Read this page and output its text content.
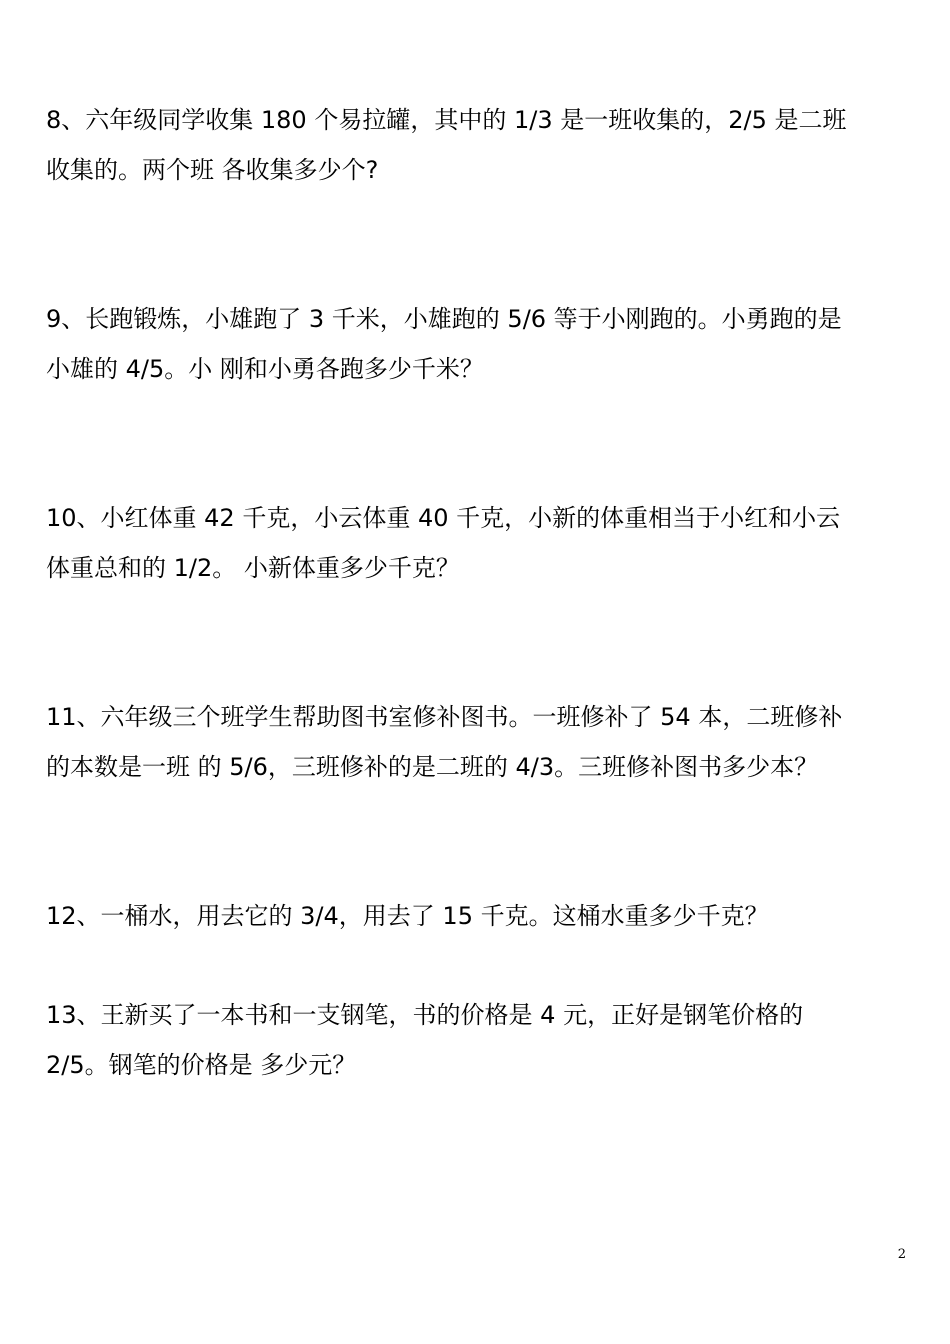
8、六年级同学收集 180 个易拉罐，其中的 1/3 是一班收集的，2/5 是二班
收集的。两个班 各收集多少个?
9、长跑锻炼，小雄跑了 3 千米，小雄跑的 5/6 等于小刚跑的。小勇跑的是
小雄的 4/5。小 刚和小勇各跑多少千米？
10、小红体重 42 千克，小云体重 40 千克，小新的体重相当于小红和小云
体重总和的 1/2。 小新体重多少千克？
11、六年级三个班学生帮助图书室修补图书。一班修补了 54 本，二班修补
的本数是一班 的 5/6，三班修补的是二班的 4/3。三班修补图书多少本？
12、一桶水，用去它的 3/4，用去了 15 千克。这桶水重多少千克？
13、王新买了一本书和一支钢笔，书的价格是 4 元，正好是钢笔价格的
2/5。钢笔的价格是 多少元？
2
